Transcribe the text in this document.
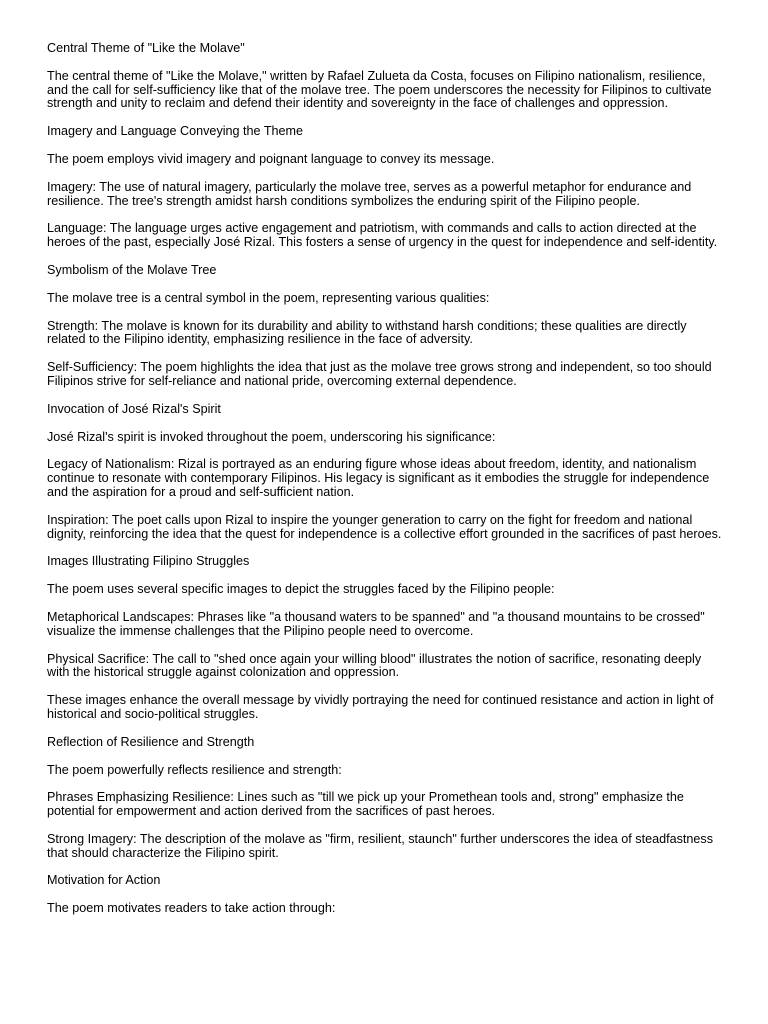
Central Theme of "Like the Molave"

The central theme of "Like the Molave," written by Rafael Zulueta da Costa, focuses on Filipino nationalism, resilience, and the call for self-sufficiency like that of the molave tree. The poem underscores the necessity for Filipinos to cultivate strength and unity to reclaim and defend their identity and sovereignty in the face of challenges and oppression.

Imagery and Language Conveying the Theme

The poem employs vivid imagery and poignant language to convey its message.

Imagery: The use of natural imagery, particularly the molave tree, serves as a powerful metaphor for endurance and resilience. The tree's strength amidst harsh conditions symbolizes the enduring spirit of the Filipino people.

Language: The language urges active engagement and patriotism, with commands and calls to action directed at the heroes of the past, especially José Rizal. This fosters a sense of urgency in the quest for independence and self-identity.

Symbolism of the Molave Tree

The molave tree is a central symbol in the poem, representing various qualities:

Strength: The molave is known for its durability and ability to withstand harsh conditions; these qualities are directly related to the Filipino identity, emphasizing resilience in the face of adversity.

Self-Sufficiency: The poem highlights the idea that just as the molave tree grows strong and independent, so too should Filipinos strive for self-reliance and national pride, overcoming external dependence.

Invocation of José Rizal's Spirit

José Rizal's spirit is invoked throughout the poem, underscoring his significance:

Legacy of Nationalism: Rizal is portrayed as an enduring figure whose ideas about freedom, identity, and nationalism continue to resonate with contemporary Filipinos. His legacy is significant as it embodies the struggle for independence and the aspiration for a proud and self-sufficient nation.

Inspiration: The poet calls upon Rizal to inspire the younger generation to carry on the fight for freedom and national dignity, reinforcing the idea that the quest for independence is a collective effort grounded in the sacrifices of past heroes.

Images Illustrating Filipino Struggles

The poem uses several specific images to depict the struggles faced by the Filipino people:

Metaphorical Landscapes: Phrases like "a thousand waters to be spanned" and "a thousand mountains to be crossed" visualize the immense challenges that the Pilipino people need to overcome.

Physical Sacrifice: The call to "shed once again your willing blood" illustrates the notion of sacrifice, resonating deeply with the historical struggle against colonization and oppression.

These images enhance the overall message by vividly portraying the need for continued resistance and action in light of historical and socio-political struggles.

Reflection of Resilience and Strength

The poem powerfully reflects resilience and strength:

Phrases Emphasizing Resilience: Lines such as "till we pick up your Promethean tools and, strong" emphasize the potential for empowerment and action derived from the sacrifices of past heroes.

Strong Imagery: The description of the molave as "firm, resilient, staunch" further underscores the idea of steadfastness that should characterize the Filipino spirit.

Motivation for Action

The poem motivates readers to take action through:
